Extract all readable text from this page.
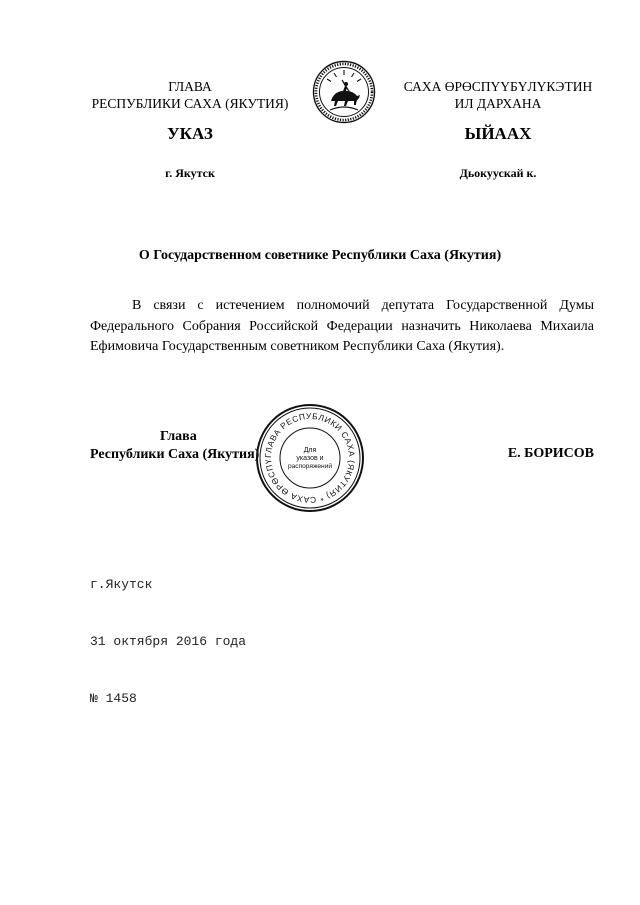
ГЛАВА
РЕСПУБЛИКИ САХА (ЯКУТИЯ)
САХА ӨРӨСПҮҮБҮЛҮКЭТИН
ИЛ ДАРХАНА
УКАЗ	ЫЙААХ
г. Якутск	Дьокуускай к.
О Государственном советнике Республики Саха (Якутия)
В связи с истечением полномочий депутата Государственной Думы Федерального Собрания Российской Федерации назначить Николаева Михаила Ефимовича Государственным советником Республики Саха (Якутия).
Глава
Республики Саха (Якутия)	Е. БОРИСОВ
ГЛАВА РЕСПУБЛИКИ САХА (ЯКУТИЯ) * САХА ӨРӨСПҮ
Для
указов и
распоряжений

г.Якутск

31 октября 2016 года

№ 1458
